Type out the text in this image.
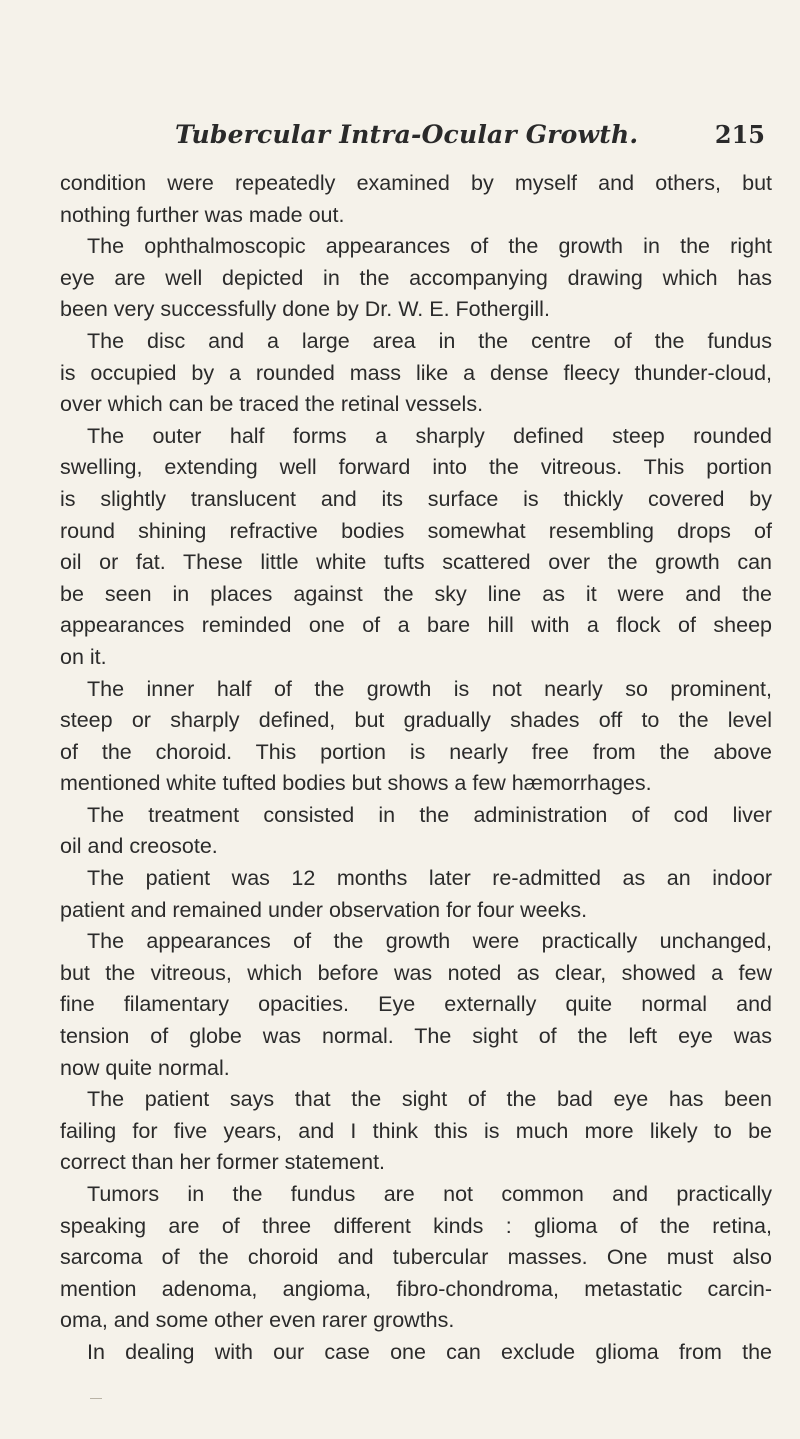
Tubercular Intra-Ocular Growth.	215
condition were repeatedly examined by myself and others, but
nothing further was made out.
The ophthalmoscopic appearances of the growth in the right
eye are well depicted in the accompanying drawing which has
been very successfully done by Dr. W. E. Fothergill.
The disc and a large area in the centre of the fundus
is occupied by a rounded mass like a dense fleecy thunder-cloud,
over which can be traced the retinal vessels.
The outer half forms a sharply defined steep rounded
swelling, extending well forward into the vitreous. This portion
is slightly translucent and its surface is thickly covered by
round shining refractive bodies somewhat resembling drops of
oil or fat. These little white tufts scattered over the growth can
be seen in places against the sky line as it were and the
appearances reminded one of a bare hill with a flock of sheep
on it.
The inner half of the growth is not nearly so prominent,
steep or sharply defined, but gradually shades off to the level
of the choroid. This portion is nearly free from the above
mentioned white tufted bodies but shows a few hæmorrhages.
The treatment consisted in the administration of cod liver
oil and creosote.
The patient was 12 months later re-admitted as an indoor
patient and remained under observation for four weeks.
The appearances of the growth were practically unchanged,
but the vitreous, which before was noted as clear, showed a few
fine filamentary opacities. Eye externally quite normal and
tension of globe was normal. The sight of the left eye was
now quite normal.
The patient says that the sight of the bad eye has been
failing for five years, and I think this is much more likely to be
correct than her former statement.
Tumors in the fundus are not common and practically
speaking are of three different kinds : glioma of the retina,
sarcoma of the choroid and tubercular masses. One must also
mention adenoma, angioma, fibro-chondroma, metastatic carcin-
oma, and some other even rarer growths.
In dealing with our case one can exclude glioma from the
